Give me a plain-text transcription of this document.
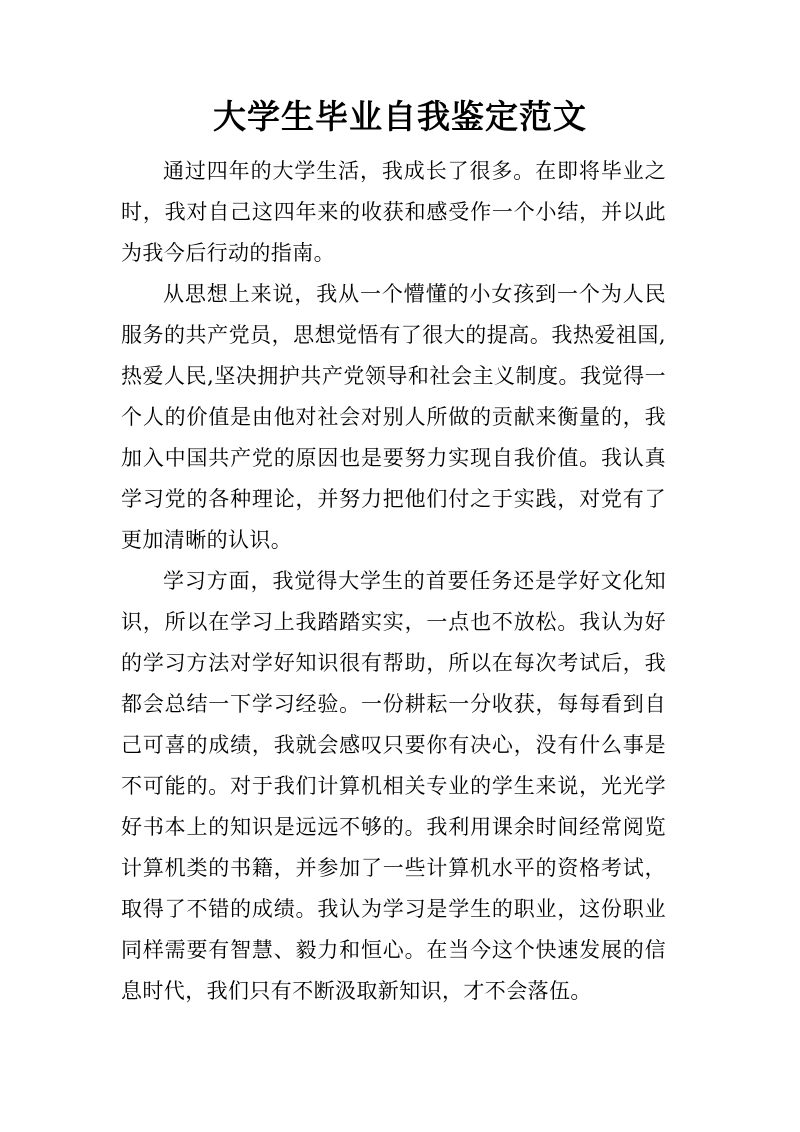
大学生毕业自我鉴定范文

通过四年的大学生活，我成长了很多。在即将毕业之时，我对自己这四年来的收获和感受作一个小结，并以此为我今后行动的指南。

从思想上来说，我从一个懵懂的小女孩到一个为人民服务的共产党员，思想觉悟有了很大的提高。我热爱祖国,热爱人民,坚决拥护共产党领导和社会主义制度。我觉得一个人的价值是由他对社会对别人所做的贡献来衡量的，我加入中国共产党的原因也是要努力实现自我价值。我认真学习党的各种理论，并努力把他们付之于实践，对党有了更加清晰的认识。

学习方面，我觉得大学生的首要任务还是学好文化知识，所以在学习上我踏踏实实，一点也不放松。我认为好的学习方法对学好知识很有帮助，所以在每次考试后，我都会总结一下学习经验。一份耕耘一分收获，每每看到自己可喜的成绩，我就会感叹只要你有决心，没有什么事是不可能的。对于我们计算机相关专业的学生来说，光光学好书本上的知识是远远不够的。我利用课余时间经常阅览计算机类的书籍，并参加了一些计算机水平的资格考试，取得了不错的成绩。我认为学习是学生的职业，这份职业同样需要有智慧、毅力和恒心。在当今这个快速发展的信息时代，我们只有不断汲取新知识，才不会落伍。
